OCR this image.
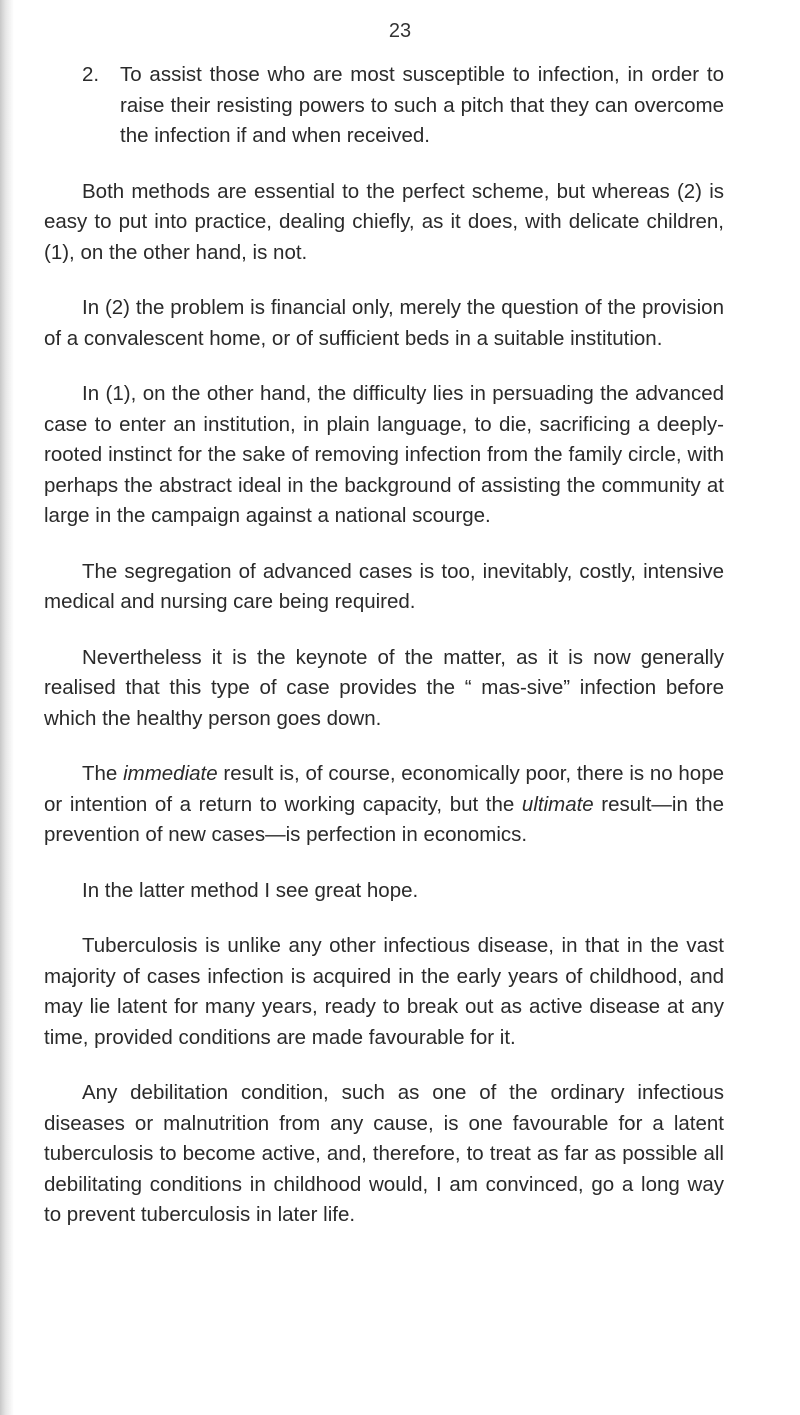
23

2. To assist those who are most susceptible to infection, in order to raise their resisting powers to such a pitch that they can overcome the infection if and when received.

Both methods are essential to the perfect scheme, but whereas (2) is easy to put into practice, dealing chiefly, as it does, with delicate children, (1), on the other hand, is not.

In (2) the problem is financial only, merely the question of the provision of a convalescent home, or of sufficient beds in a suitable institution.

In (1), on the other hand, the difficulty lies in persuading the advanced case to enter an institution, in plain language, to die, sacrificing a deeply-rooted instinct for the sake of removing infection from the family circle, with perhaps the abstract ideal in the background of assisting the community at large in the campaign against a national scourge.

The segregation of advanced cases is too, inevitably, costly, intensive medical and nursing care being required.

Nevertheless it is the keynote of the matter, as it is now generally realised that this type of case provides the “ mas-sive” infection before which the healthy person goes down.

The immediate result is, of course, economically poor, there is no hope or intention of a return to working capacity, but the ultimate result—in the prevention of new cases—is perfection in economics.

In the latter method I see great hope.

Tuberculosis is unlike any other infectious disease, in that in the vast majority of cases infection is acquired in the early years of childhood, and may lie latent for many years, ready to break out as active disease at any time, provided conditions are made favourable for it.

Any debilitation condition, such as one of the ordinary infectious diseases or malnutrition from any cause, is one favourable for a latent tuberculosis to become active, and, therefore, to treat as far as possible all debilitating conditions in childhood would, I am convinced, go a long way to prevent tuberculosis in later life.
